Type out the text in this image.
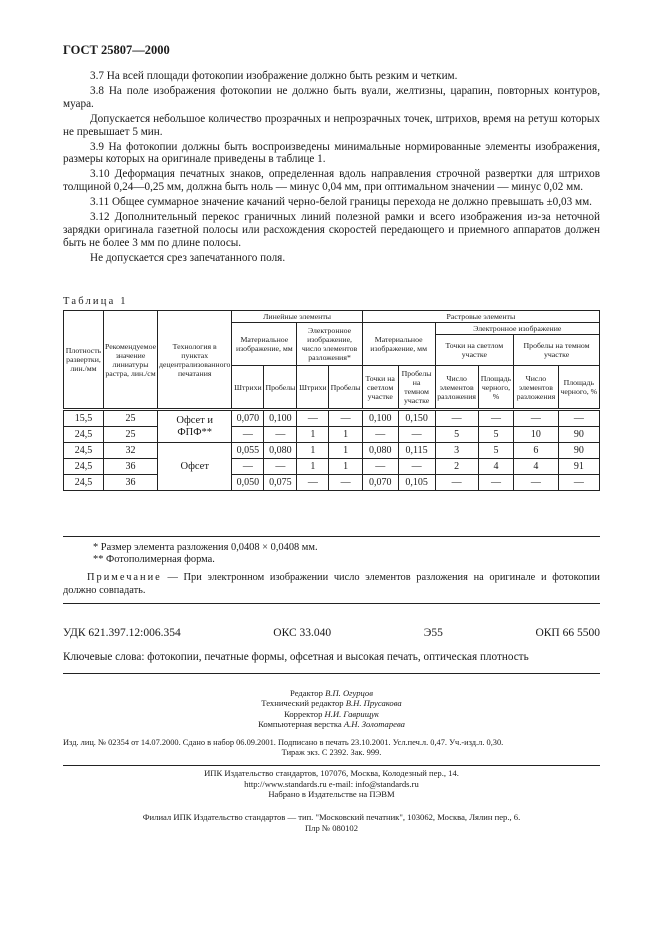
ГОСТ 25807—2000

3.7 На всей площади фотокопии изображение должно быть резким и четким.

3.8 На поле изображения фотокопии не должно быть вуали, желтизны, царапин, повторных контуров, муара.

Допускается небольшое количество прозрачных и непрозрачных точек, штрихов, время на ретуш которых не превышает 5 мин.

3.9 На фотокопии должны быть воспроизведены минимальные нормированные элементы изображения, размеры которых на оригинале приведены в таблице 1.

3.10 Деформация печатных знаков, определенная вдоль направления строчной развертки для штрихов толщиной 0,24—0,25 мм, должна быть ноль — минус 0,04 мм, при оптимальном значении — минус 0,02 мм.

3.11 Общее суммарное значение качаний черно-белой границы перехода не должно превышать ±0,03 мм.

3.12 Дополнительный перекос граничных линий полезной рамки и всего изображения из-за неточной зарядки оригинала газетной полосы или расхождения скоростей передающего и приемного аппаратов должен быть не более 3 мм по длине полосы.

Не допускается срез запечатанного поля.

Таблица 1
Плотность развертки, лин./мм	Рекомендуемое значение линиатуры растра, лин./см	Технология в пунктах децентрализованного печатания	Линейные элементы				Растровые элементы					
			Материальное изображение, мм		Электронное изображение, число элементов разложения*		Материальное изображение, мм		Электронное изображение			
									Точки на светлом участке		Пробелы на темном участке	
			Штрихи	Пробелы	Штрихи	Пробелы	Точки на светлом участке	Пробелы на темном участке	Число элементов разложения	Площадь черного, %	Число элементов разложения	Площадь черного, %
15,5	25	Офсет и ФПФ**	0,070	0,100	—	—	0,100	0,150	—	—	—	—
24,5	25		—	—	1	1	—	—	5	5	10	90
24,5	32	Офсет	0,055	0,080	1	1	0,080	0,115	3	5	6	90
24,5	36		—	—	1	1	—	—	2	4	4	91
24,5	36		0,050	0,075	—	—	0,070	0,105	—	—	—	—
* Размер элемента разложения 0,0408 × 0,0408 мм.
** Фотополимерная форма.
Примечание — При электронном изображении число элементов разложения на оригинале и фотокопии должно совпадать.
УДК 621.397.12:006.354	ОКС 33.040	Э55	ОКП 66 5500
Ключевые слова: фотокопии, печатные формы, офсетная и высокая печать, оптическая плотность
Редактор В.П. Огурцов
Технический редактор В.Н. Прусакова
Корректор Н.И. Гаврищук
Компьютерная верстка А.Н. Золотарева
Изд. лиц. № 02354 от 14.07.2000. Сдано в набор 06.09.2001. Подписано в печать 23.10.2001. Усл.печ.л. 0,47. Уч.-изд.л. 0,30.
Тираж экз. С 2392. Зак. 999.
ИПК Издательство стандартов, 107076, Москва, Колодезный пер., 14.
http://www.standards.ru e-mail: info@standards.ru
Набрано в Издательстве на ПЭВМ
Филиал ИПК Издательство стандартов — тип. "Московский печатник", 103062, Москва, Лялин пер., 6.
Плр № 080102
